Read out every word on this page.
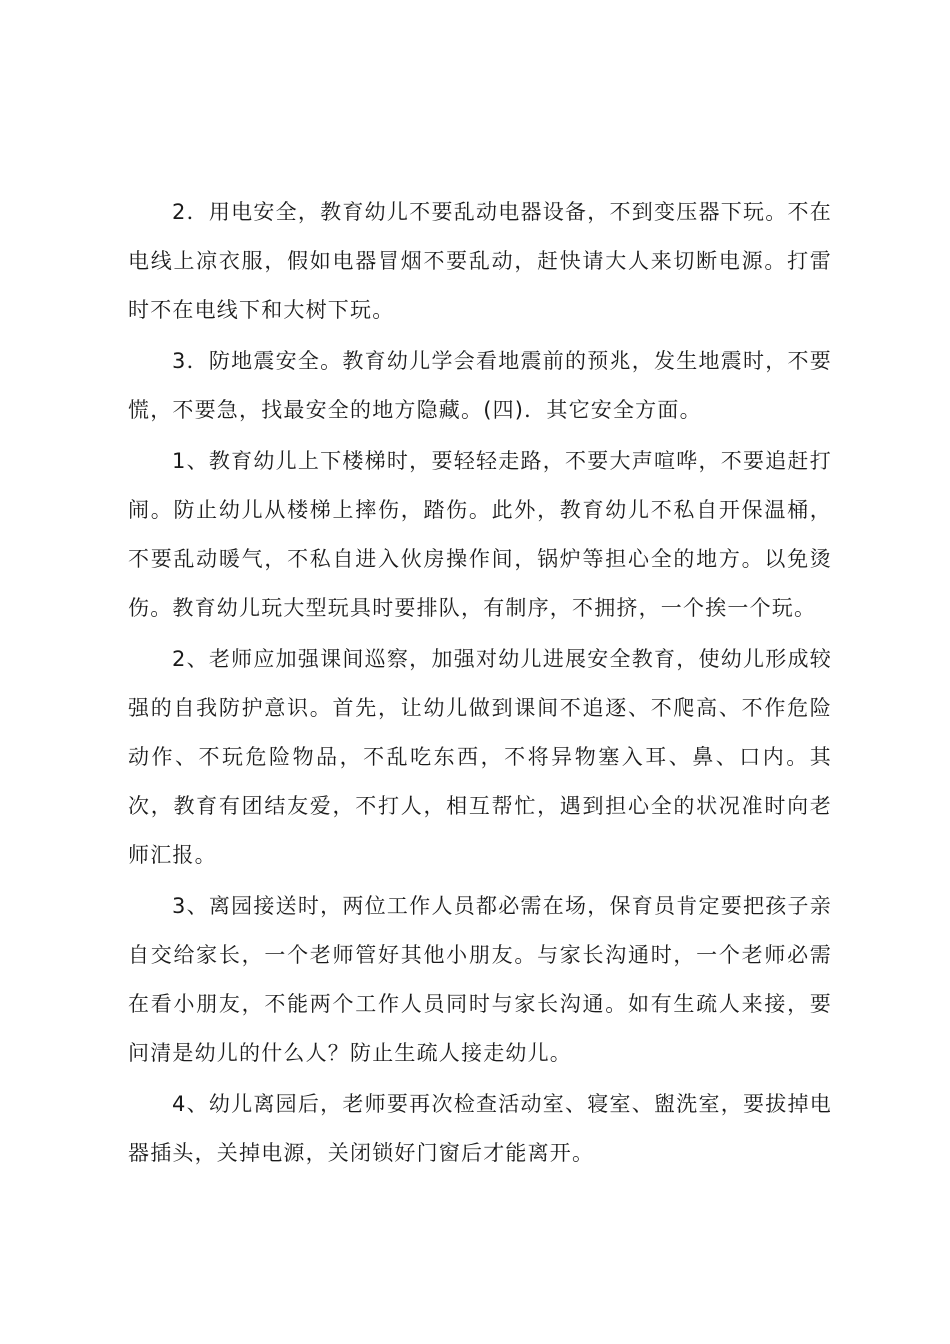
2．用电安全，教育幼儿不要乱动电器设备，不到变压器下玩。不在电线上凉衣服，假如电器冒烟不要乱动，赶快请大人来切断电源。打雷时不在电线下和大树下玩。

3．防地震安全。教育幼儿学会看地震前的预兆，发生地震时，不要慌，不要急，找最安全的地方隐藏。(四)．其它安全方面。

1、教育幼儿上下楼梯时，要轻轻走路，不要大声喧哗，不要追赶打闹。防止幼儿从楼梯上摔伤，踏伤。此外，教育幼儿不私自开保温桶，不要乱动暖气，不私自进入伙房操作间，锅炉等担心全的地方。以免烫伤。教育幼儿玩大型玩具时要排队，有制序，不拥挤，一个挨一个玩。

2、老师应加强课间巡察，加强对幼儿进展安全教育，使幼儿形成较强的自我防护意识。首先，让幼儿做到课间不追逐、不爬高、不作危险动作、不玩危险物品，不乱吃东西，不将异物塞入耳、鼻、口内。其次，教育有团结友爱，不打人，相互帮忙，遇到担心全的状况准时向老师汇报。

3、离园接送时，两位工作人员都必需在场，保育员肯定要把孩子亲自交给家长，一个老师管好其他小朋友。与家长沟通时，一个老师必需在看小朋友，不能两个工作人员同时与家长沟通。如有生疏人来接，要问清是幼儿的什么人？防止生疏人接走幼儿。

4、幼儿离园后，老师要再次检查活动室、寝室、盥洗室，要拔掉电器插头，关掉电源，关闭锁好门窗后才能离开。
